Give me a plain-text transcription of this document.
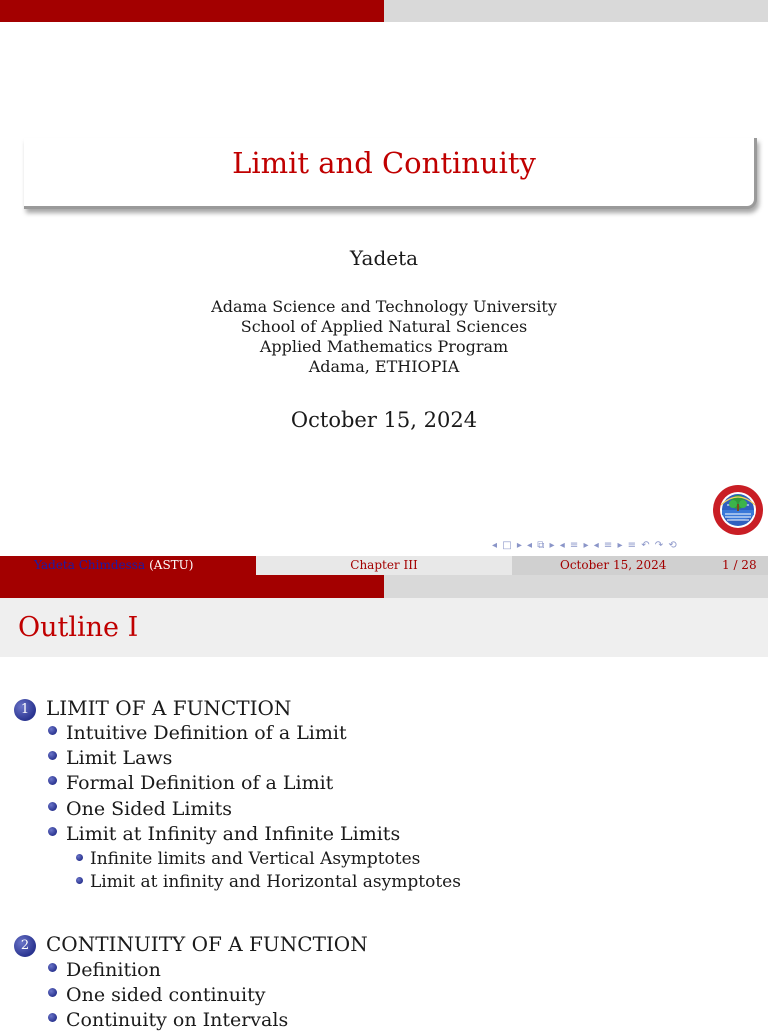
Limit and Continuity
Yadeta
Adama Science and Technology University
School of Applied Natural Sciences
Applied Mathematics Program
Adama, ETHIOPIA
October 15, 2024
◂ □ ▸ ◂ ⧉ ▸ ◂ ≡ ▸ ◂ ≡ ▸ ≡ ↶ ↷ ⟲
Yadeta Chimdessa (ASTU)	Chapter III	October 15, 2024	1 / 28
Outline I
1 LIMIT OF A FUNCTION
Intuitive Definition of a Limit
Limit Laws
Formal Definition of a Limit
One Sided Limits
Limit at Infinity and Infinite Limits
Infinite limits and Vertical Asymptotes
Limit at infinity and Horizontal asymptotes
2 CONTINUITY OF A FUNCTION
Definition
One sided continuity
Continuity on Intervals
